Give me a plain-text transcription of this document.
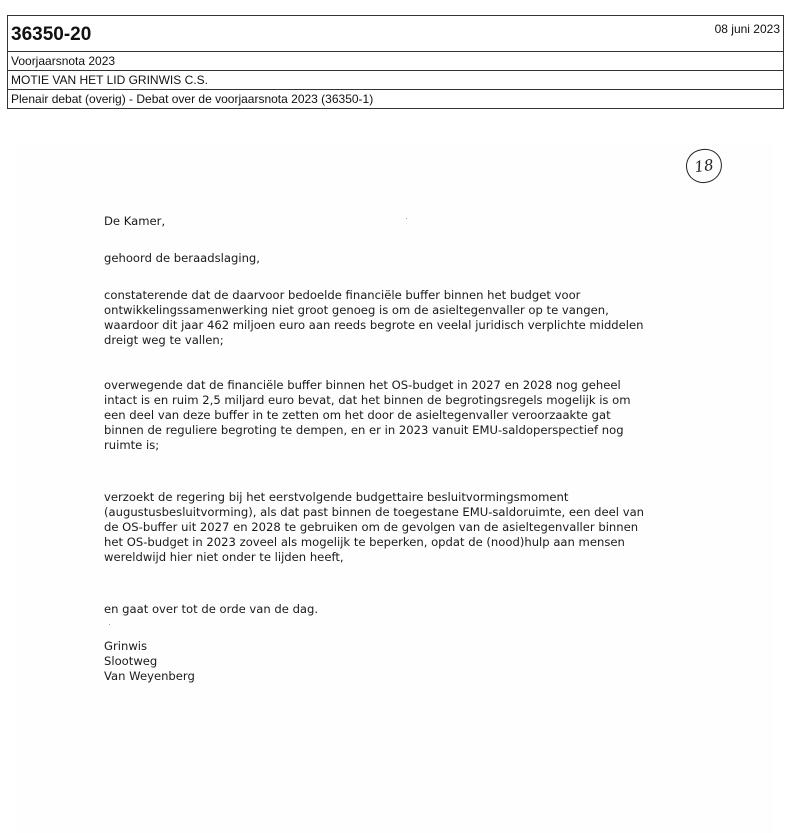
36350-20	08 juni 2023
Voorjaarsnota 2023
MOTIE VAN HET LID GRINWIS C.S.
Plenair debat (overig) - Debat over de voorjaarsnota 2023 (36350-1)
18

De Kamer,

gehoord de beraadslaging,

constaterende dat de daarvoor bedoelde financiële buffer binnen het budget voor

ontwikkelingssamenwerking niet groot genoeg is om de asieltegenvaller op te vangen,

waardoor dit jaar 462 miljoen euro aan reeds begrote en veelal juridisch verplichte middelen

dreigt weg te vallen;

overwegende dat de financiële buffer binnen het OS-budget in 2027 en 2028 nog geheel

intact is en ruim 2,5 miljard euro bevat, dat het binnen de begrotingsregels mogelijk is om

een deel van deze buffer in te zetten om het door de asieltegenvaller veroorzaakte gat

binnen de reguliere begroting te dempen, en er in 2023 vanuit EMU-saldoperspectief nog

ruimte is;

verzoekt de regering bij het eerstvolgende budgettaire besluitvormingsmoment

(augustusbesluitvorming), als dat past binnen de toegestane EMU-saldoruimte, een deel van

de OS-buffer uit 2027 en 2028 te gebruiken om de gevolgen van de asieltegenvaller binnen

het OS-budget in 2023 zoveel als mogelijk te beperken, opdat de (nood)hulp aan mensen

wereldwijd hier niet onder te lijden heeft,

en gaat over tot de orde van de dag.

Grinwis

Slootweg

Van Weyenberg
